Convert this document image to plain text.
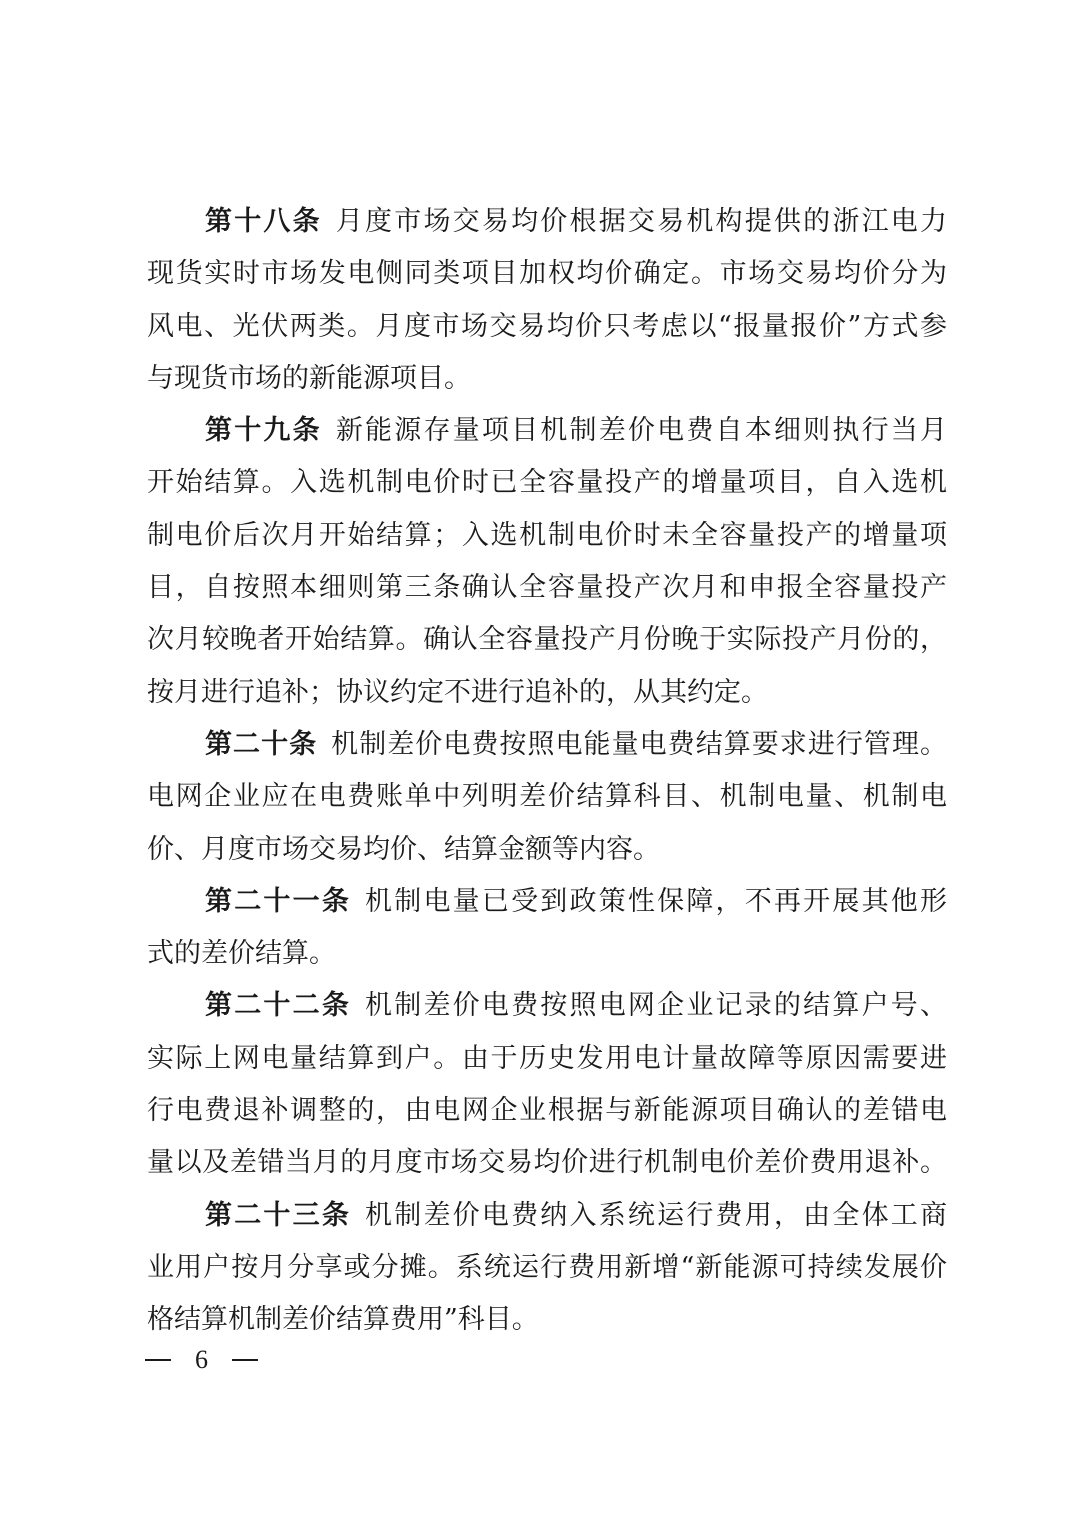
第十八条 月度市场交易均价根据交易机构提供的浙江电力
现货实时市场发电侧同类项目加权均价确定。市场交易均价分为
风电、光伏两类。月度市场交易均价只考虑以“报量报价”方式参
与现货市场的新能源项目。
第十九条 新能源存量项目机制差价电费自本细则执行当月
开始结算。入选机制电价时已全容量投产的增量项目，自入选机
制电价后次月开始结算；入选机制电价时未全容量投产的增量项
目，自按照本细则第三条确认全容量投产次月和申报全容量投产
次月较晚者开始结算。确认全容量投产月份晚于实际投产月份的，
按月进行追补；协议约定不进行追补的，从其约定。
第二十条 机制差价电费按照电能量电费结算要求进行管理。
电网企业应在电费账单中列明差价结算科目、机制电量、机制电
价、月度市场交易均价、结算金额等内容。
第二十一条 机制电量已受到政策性保障，不再开展其他形
式的差价结算。
第二十二条 机制差价电费按照电网企业记录的结算户号、
实际上网电量结算到户。由于历史发用电计量故障等原因需要进
行电费退补调整的，由电网企业根据与新能源项目确认的差错电
量以及差错当月的月度市场交易均价进行机制电价差价费用退补。
第二十三条 机制差价电费纳入系统运行费用，由全体工商
业用户按月分享或分摊。系统运行费用新增“新能源可持续发展价
格结算机制差价结算费用”科目。
6
